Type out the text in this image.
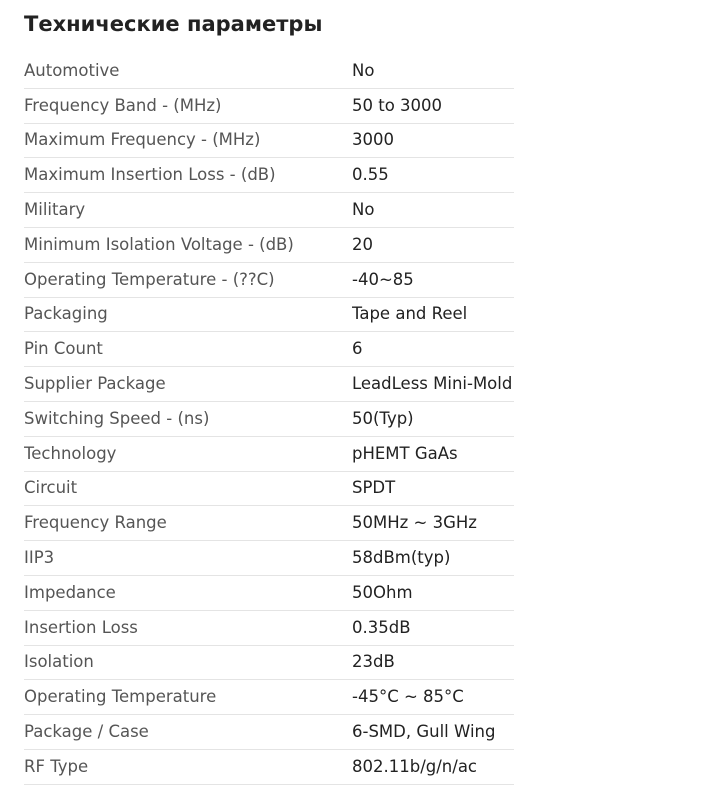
Технические параметры
Automotive	No
Frequency Band - (MHz)	50 to 3000
Maximum Frequency - (MHz)	3000
Maximum Insertion Loss - (dB)	0.55
Military	No
Minimum Isolation Voltage - (dB)	20
Operating Temperature - (??C)	-40~85
Packaging	Tape and Reel
Pin Count	6
Supplier Package	LeadLess Mini-Mold
Switching Speed - (ns)	50(Typ)
Technology	pHEMT GaAs
Circuit	SPDT
Frequency Range	50MHz ~ 3GHz
IIP3	58dBm(typ)
Impedance	50Ohm
Insertion Loss	0.35dB
Isolation	23dB
Operating Temperature	-45°C ~ 85°C
Package / Case	6-SMD, Gull Wing
RF Type	802.11b/g/n/ac
